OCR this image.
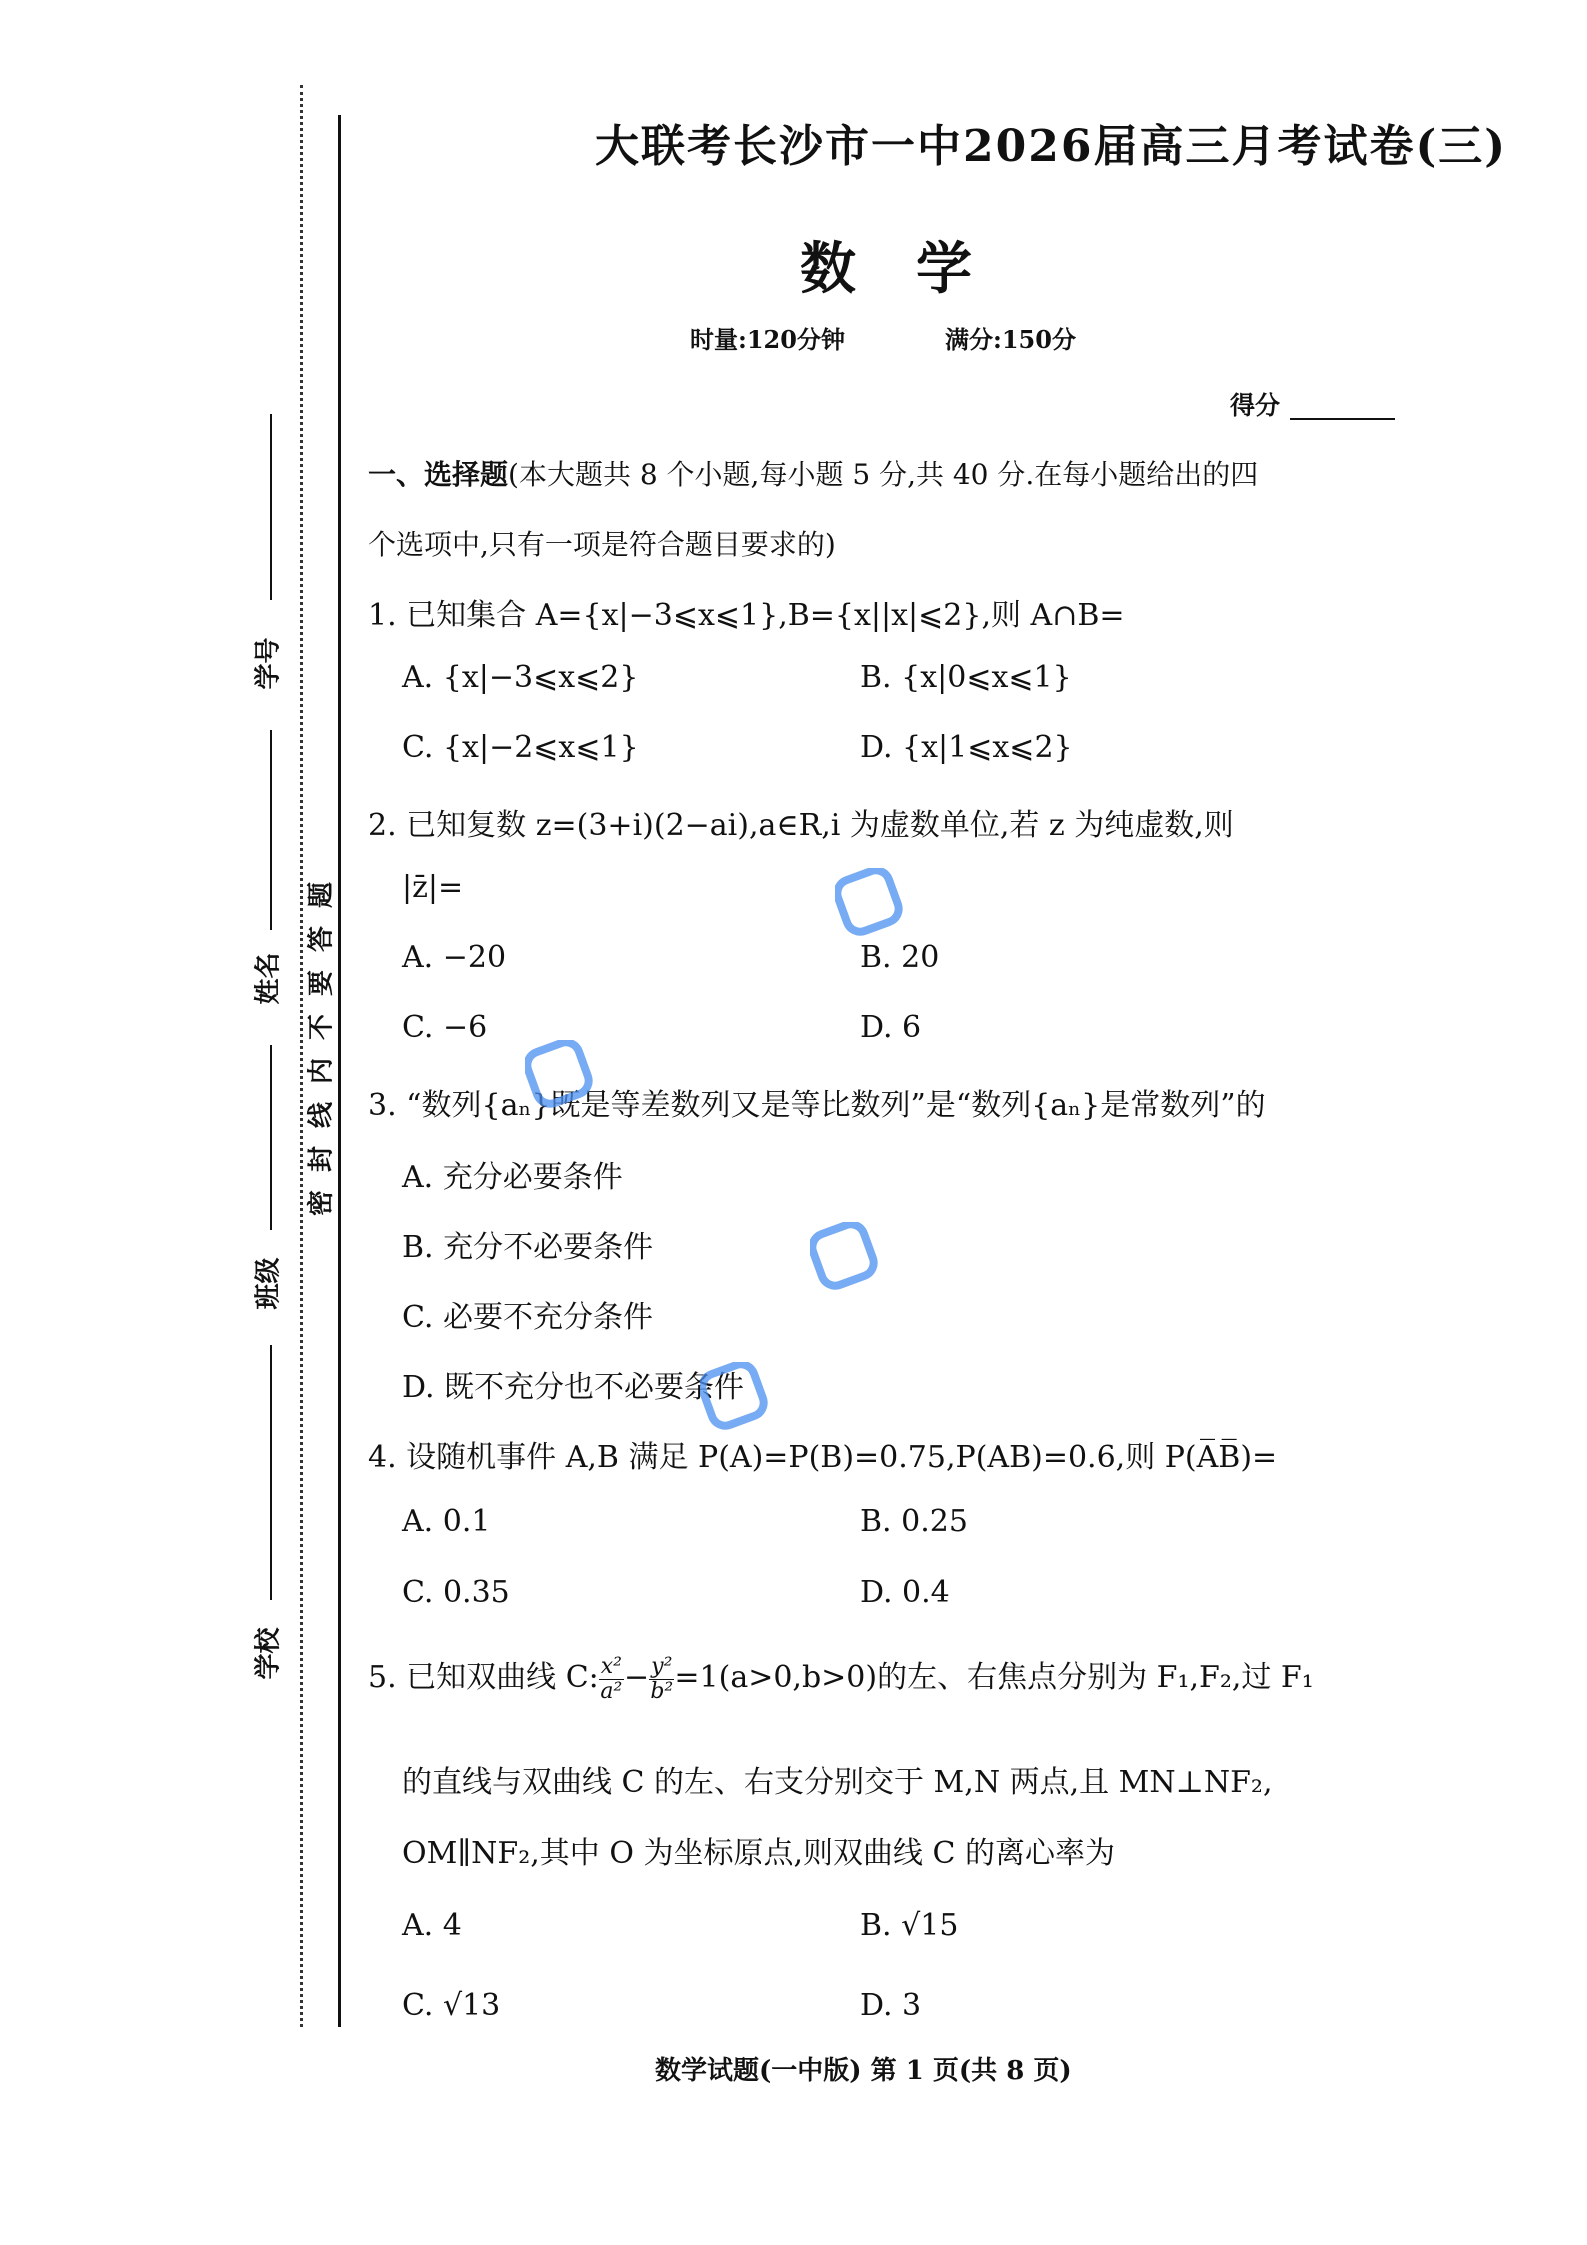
学号
姓名
班级
学校
密封线内不要答题
大联考长沙市一中2026届高三月考试卷(三)
数学
时量:120分钟	满分:150分
得分
一、选择题(本大题共 8 个小题,每小题 5 分,共 40 分.在每小题给出的四
个选项中,只有一项是符合题目要求的)
1. 已知集合 A={x|−3⩽x⩽1},B={x||x|⩽2},则 A∩B=
A. {x|−3⩽x⩽2}	B. {x|0⩽x⩽1}
C. {x|−2⩽x⩽1}	D. {x|1⩽x⩽2}
2. 已知复数 z=(3+i)(2−ai),a∈R,i 为虚数单位,若 z 为纯虚数,则
|z̄|=
A. −20	B. 20
C. −6	D. 6
3. “数列{aₙ}既是等差数列又是等比数列”是“数列{aₙ}是常数列”的
A. 充分必要条件
B. 充分不必要条件
C. 必要不充分条件
D. 既不充分也不必要条件
4. 设随机事件 A,B 满足 P(A)=P(B)=0.75,P(AB)=0.6,则 P(A̅B̅)=
A. 0.1	B. 0.25
C. 0.35	D. 0.4
5. 已知双曲线 C: $\frac{\text{x²}}{\text{a²}} - \frac{\text{y²}}{\text{b²}} =1(a>0,b>0)$的左、右焦点分别为 F₁,F₂,过 F₁
的直线与双曲线 C 的左、右支分别交于 M,N 两点,且 MN⊥NF₂,
OM∥NF₂,其中 O 为坐标原点,则双曲线 C 的离心率为
A. 4	B. √15
C. √13	D. 3
数学试题(一中版) 第 1 页(共 8 页)
